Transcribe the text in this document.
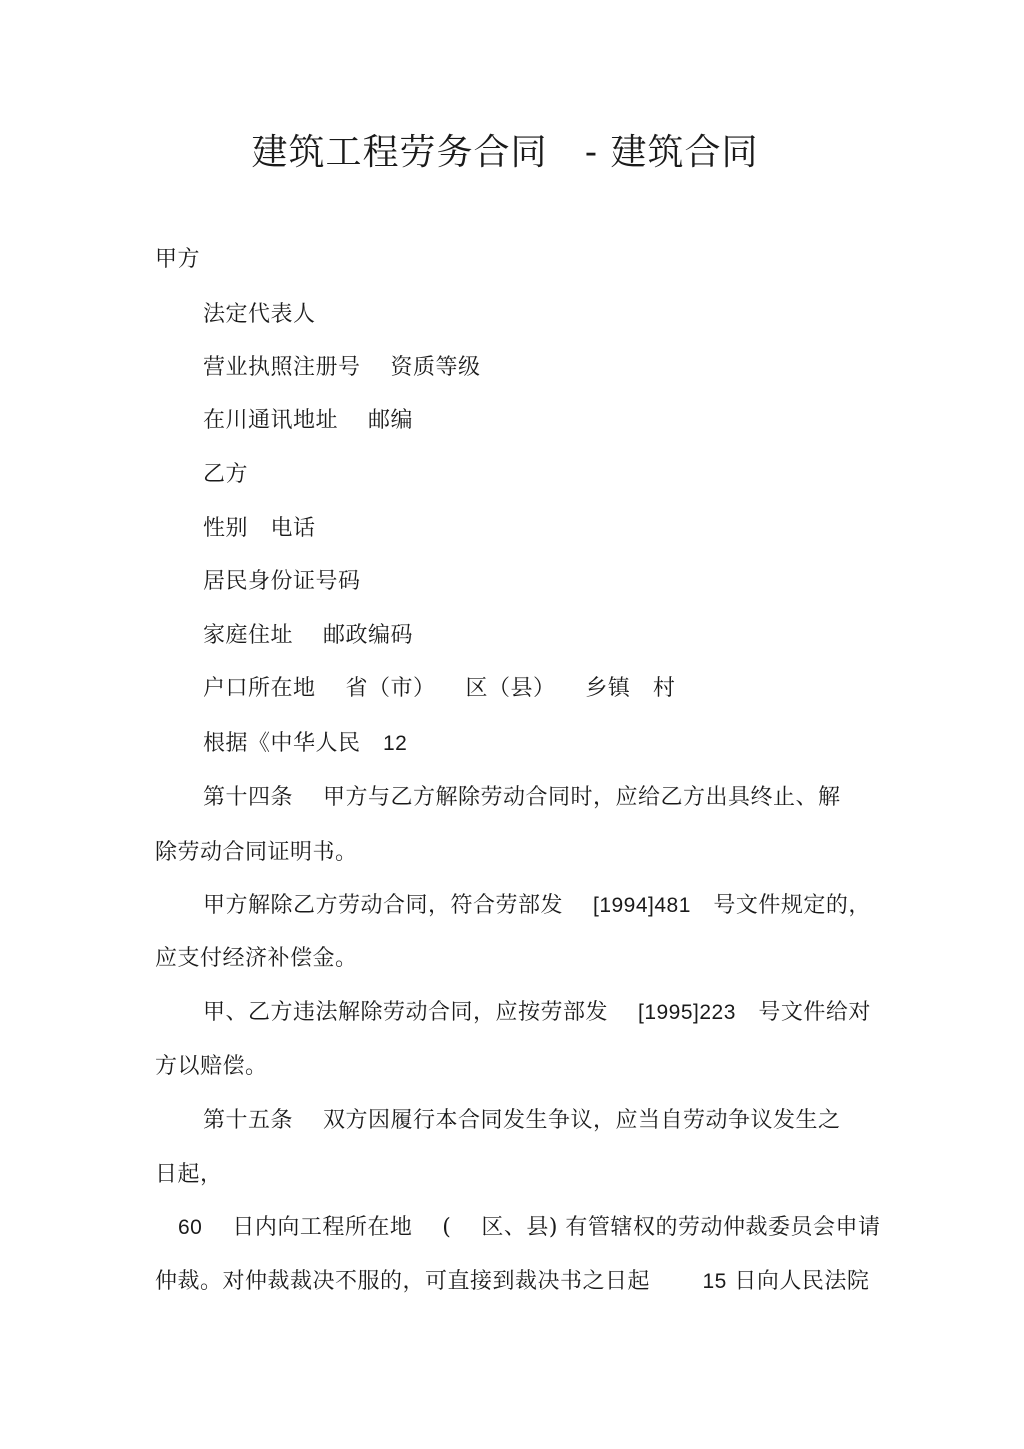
建筑工程劳务合同   - 建筑合同
甲方
法定代表人
营业执照注册号    资质等级
在川通讯地址    邮编
乙方
性别   电话
居民身份证号码
家庭住址    邮政编码
户口所在地    省（市）    区（县）    乡镇   村
根据《中华人民   12
第十四条    甲方与乙方解除劳动合同时，应给乙方出具终止、解
除劳动合同证明书。
甲方解除乙方劳动合同，符合劳部发    [1994]481   号文件规定的，
应支付经济补偿金。
甲、乙方违法解除劳动合同，应按劳部发    [1995]223   号文件给对
方以赔偿。
第十五条    双方因履行本合同发生争议，应当自劳动争议发生之
日起，
60    日内向工程所在地    (    区、县) 有管辖权的劳动仲裁委员会申请
仲裁。对仲裁裁决不服的，可直接到裁决书之日起       15 日向人民法院
